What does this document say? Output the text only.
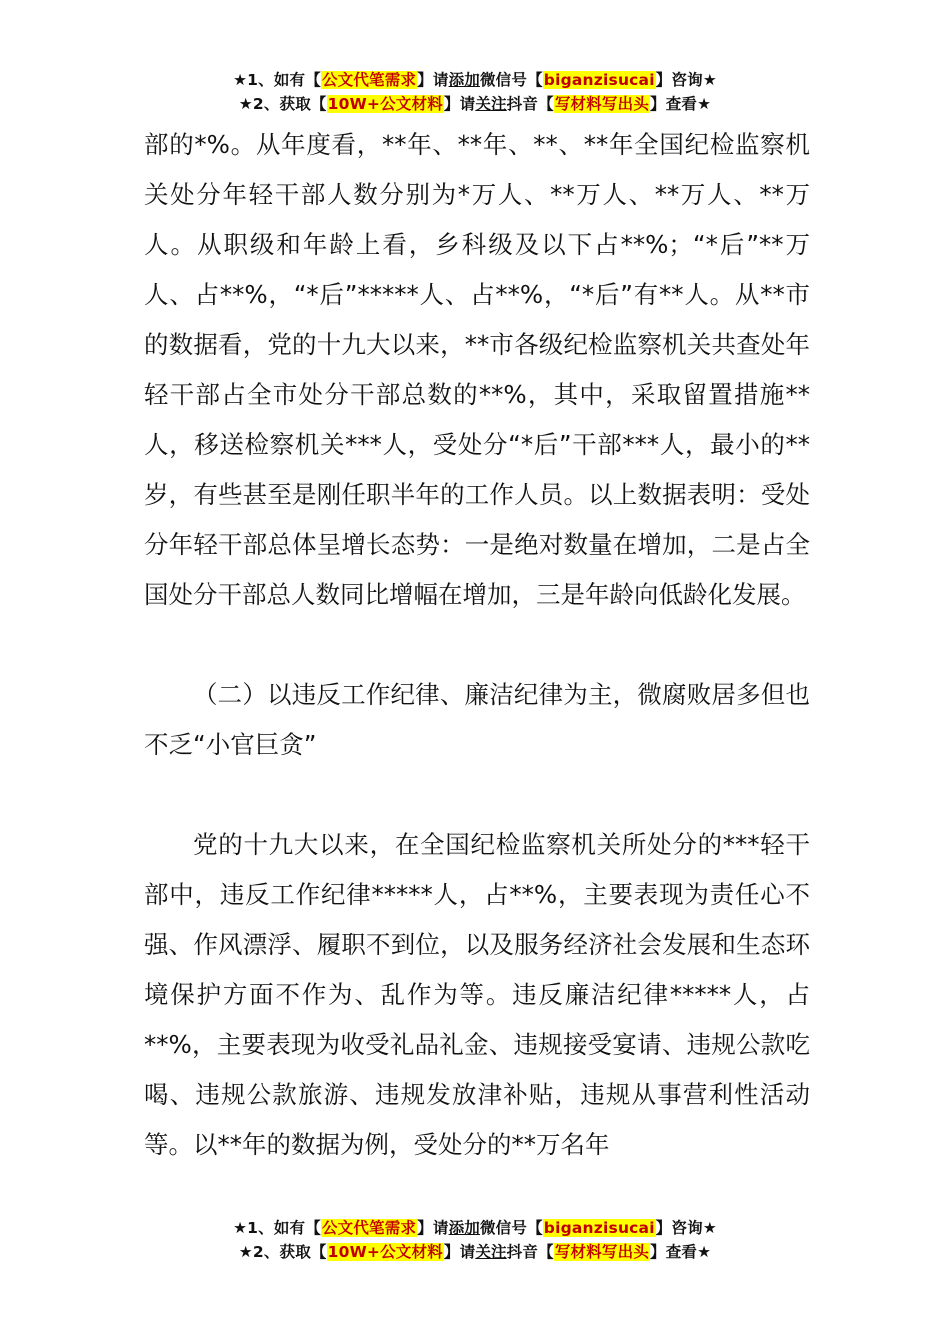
★1、如有【公文代笔需求】请添加微信号【biganzisucai】咨询★
★2、获取【10W+公文材料】请关注抖音【写材料写出头】查看★

部的*%。从年度看，**年、**年、**、**年全国纪检监察机关处分年轻干部人数分别为*万人、**万人、**万人、**万人。从职级和年龄上看，乡科级及以下占**%；“*后”**万人、占**%，“*后”*****人、占**%，“*后”有**人。从**市的数据看，党的十九大以来，**市各级纪检监察机关共查处年轻干部占全市处分干部总数的**%，其中，采取留置措施**人，移送检察机关***人，受处分“*后”干部***人，最小的**岁，有些甚至是刚任职半年的工作人员。以上数据表明：受处分年轻干部总体呈增长态势：一是绝对数量在增加，二是占全国处分干部总人数同比增幅在增加，三是年龄向低龄化发展。

（二）以违反工作纪律、廉洁纪律为主，微腐败居多但也不乏“小官巨贪”

党的十九大以来，在全国纪检监察机关所处分的***轻干部中，违反工作纪律*****人，占**%，主要表现为责任心不强、作风漂浮、履职不到位，以及服务经济社会发展和生态环境保护方面不作为、乱作为等。违反廉洁纪律*****人，占**%，主要表现为收受礼品礼金、违规接受宴请、违规公款吃喝、违规公款旅游、违规发放津补贴，违规从事营利性活动等。以**年的数据为例，受处分的**万名年

★1、如有【公文代笔需求】请添加微信号【biganzisucai】咨询★
★2、获取【10W+公文材料】请关注抖音【写材料写出头】查看★
